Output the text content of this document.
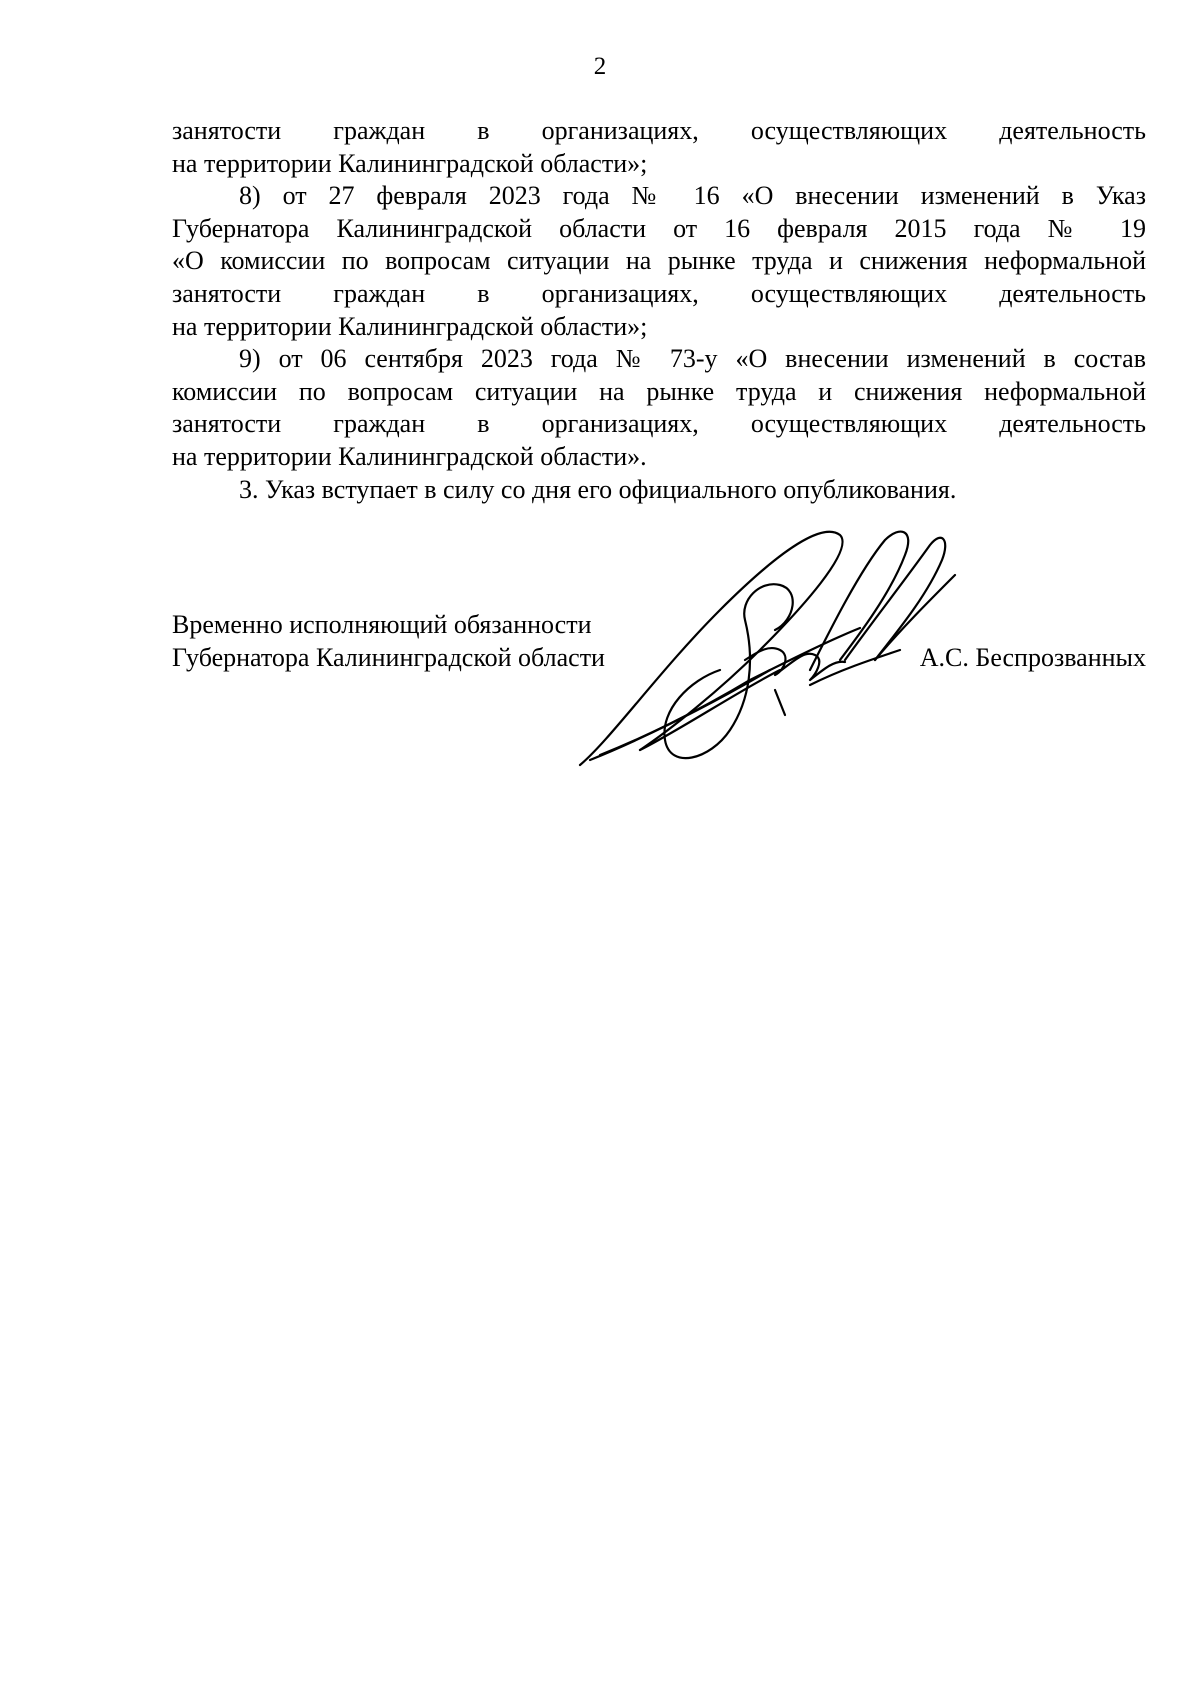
2
занятости граждан в организациях, осуществляющих деятельность
на территории Калининградской области»;
8) от 27 февраля 2023 года № 16 «О внесении изменений в Указ
Губернатора Калининградской области от 16 февраля 2015 года № 19
«О комиссии по вопросам ситуации на рынке труда и снижения неформальной
занятости граждан в организациях, осуществляющих деятельность
на территории Калининградской области»;
9) от 06 сентября 2023 года № 73-у «О внесении изменений в состав
комиссии по вопросам ситуации на рынке труда и снижения неформальной
занятости граждан в организациях, осуществляющих деятельность
на территории Калининградской области».
3. Указ вступает в силу со дня его официального опубликования.
Временно исполняющий обязанности
Губернатора Калининградской области	А.С. Беспрозванных
